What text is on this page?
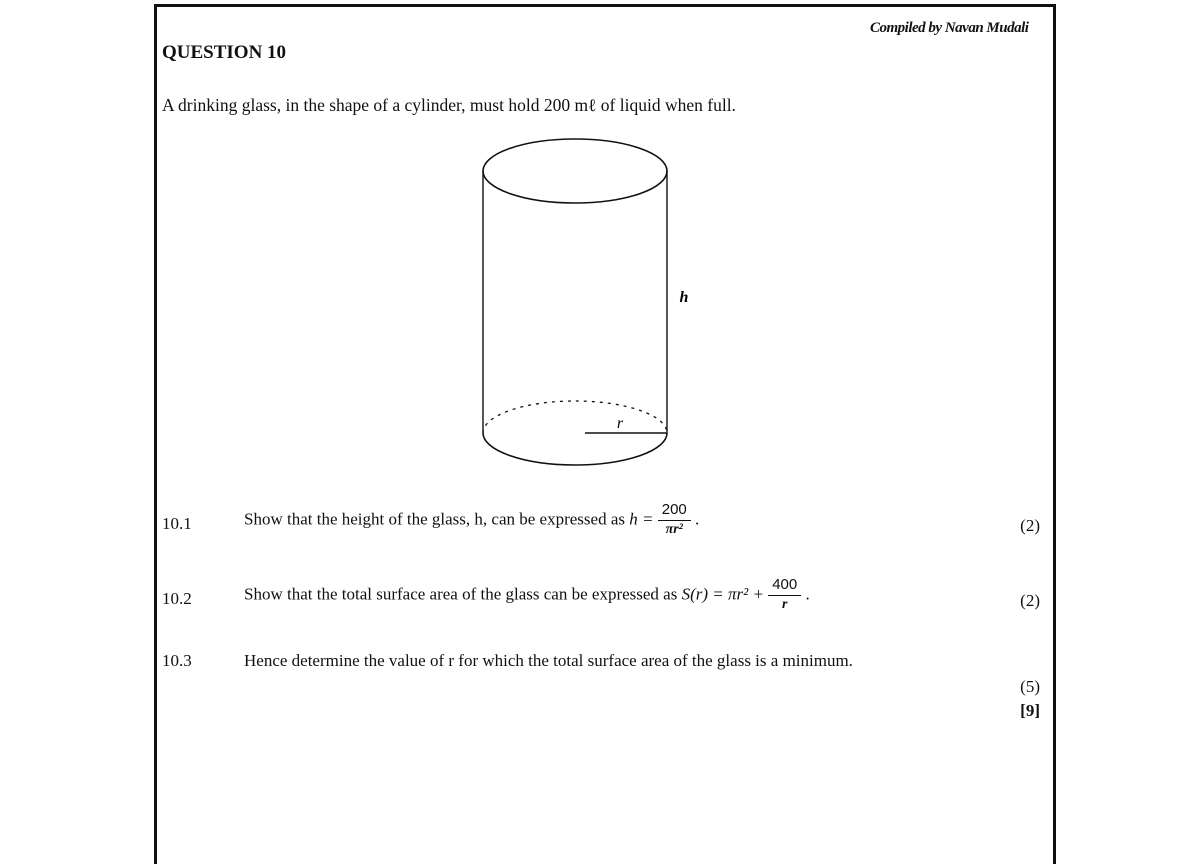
Compiled by Navan Mudali
QUESTION 10
A drinking glass, in the shape of a cylinder, must hold 200 mℓ of liquid when full.
h
r
10.1	Show that the height of the glass, h, can be expressed as $h = \frac{200}{\text{πr²}}$ .	(2)
10.2	Show that the total surface area of the glass can be expressed as $S(r) = \pi r^2 + \frac{400}{r}$ .	(2)
10.3	Hence determine the value of r for which the total surface area of the glass is a minimum.
(5)
[9]
